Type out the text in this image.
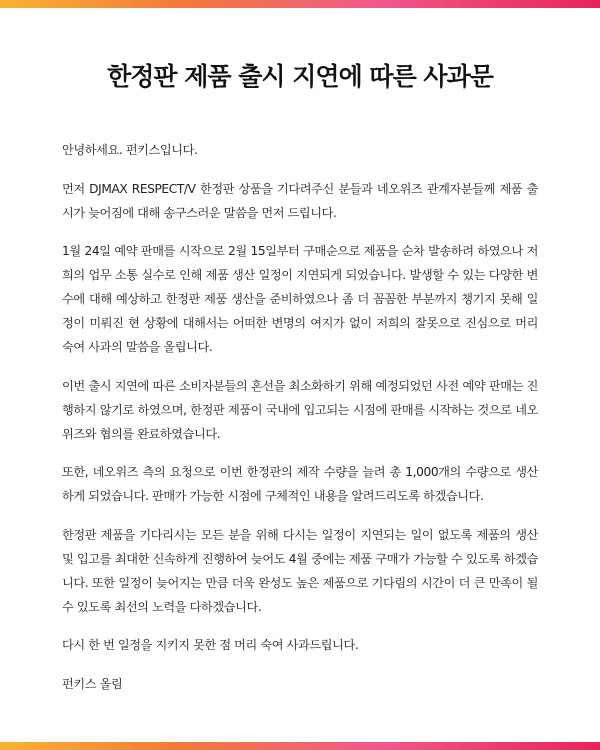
한정판 제품 출시 지연에 따른 사과문

안녕하세요. 펀키스입니다.

먼저 DJMAX RESPECT/V 한정판 상품을 기다려주신 분들과 네오위즈 관계자분들께 제품 출시가 늦어짐에 대해 송구스러운 말씀을 먼저 드립니다.

1월 24일 예약 판매를 시작으로 2월 15일부터 구매순으로 제품을 순차 발송하려 하였으나 저희의 업무 소통 실수로 인해 제품 생산 일정이 지연되게 되었습니다. 발생할 수 있는 다양한 변수에 대해 예상하고 한정판 제품 생산을 준비하였으나 좀 더 꼼꼼한 부분까지 챙기지 못해 일정이 미뤄진 현 상황에 대해서는 어떠한 변명의 여지가 없이 저희의 잘못으로 진심으로 머리 숙여 사과의 말씀을 올립니다.

이번 출시 지연에 따른 소비자분들의 혼선을 최소화하기 위해 예정되었던 사전 예약 판매는 진행하지 않기로 하였으며, 한정판 제품이 국내에 입고되는 시점에 판매를 시작하는 것으로 네오위즈와 협의를 완료하였습니다.

또한, 네오위즈 측의 요청으로 이번 한정판의 제작 수량을 늘려 총 1,000개의 수량으로 생산하게 되었습니다. 판매가 가능한 시점에 구체적인 내용을 알려드리도록 하겠습니다.

한정판 제품을 기다리시는 모든 분을 위해 다시는 일정이 지연되는 일이 없도록 제품의 생산 및 입고를 최대한 신속하게 진행하여 늦어도 4월 중에는 제품 구매가 가능할 수 있도록 하겠습니다. 또한 일정이 늦어지는 만큼 더욱 완성도 높은 제품으로 기다림의 시간이 더 큰 만족이 될 수 있도록 최선의 노력을 다하겠습니다.

다시 한 번 일정을 지키지 못한 점 머리 숙여 사과드립니다.

펀키스 올림
